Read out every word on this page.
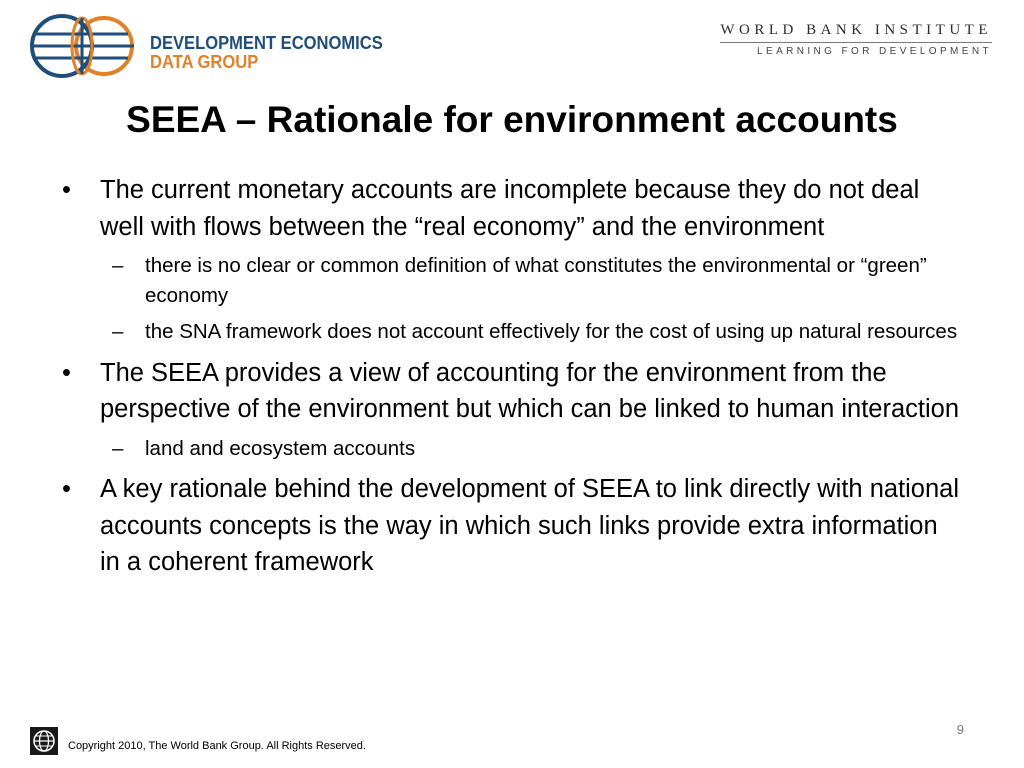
DEVELOPMENT ECONOMICS
DATA GROUP
WORLD BANK INSTITUTE
LEARNING FOR DEVELOPMENT
SEEA – Rationale for environment accounts
• The current monetary accounts are incomplete because they do not deal well with flows between the “real economy” and the environment
– there is no clear or common definition of what constitutes the environmental or “green” economy
– the SNA framework does not account effectively for the cost of using up natural resources
• The SEEA provides a view of accounting for the environment from the perspective of the environment but which can be linked to human interaction
– land and ecosystem accounts
• A key rationale behind the development of SEEA to link directly with national accounts concepts is the way in which such links provide extra information in a coherent framework
9
Copyright 2010, The World Bank Group. All Rights Reserved.
